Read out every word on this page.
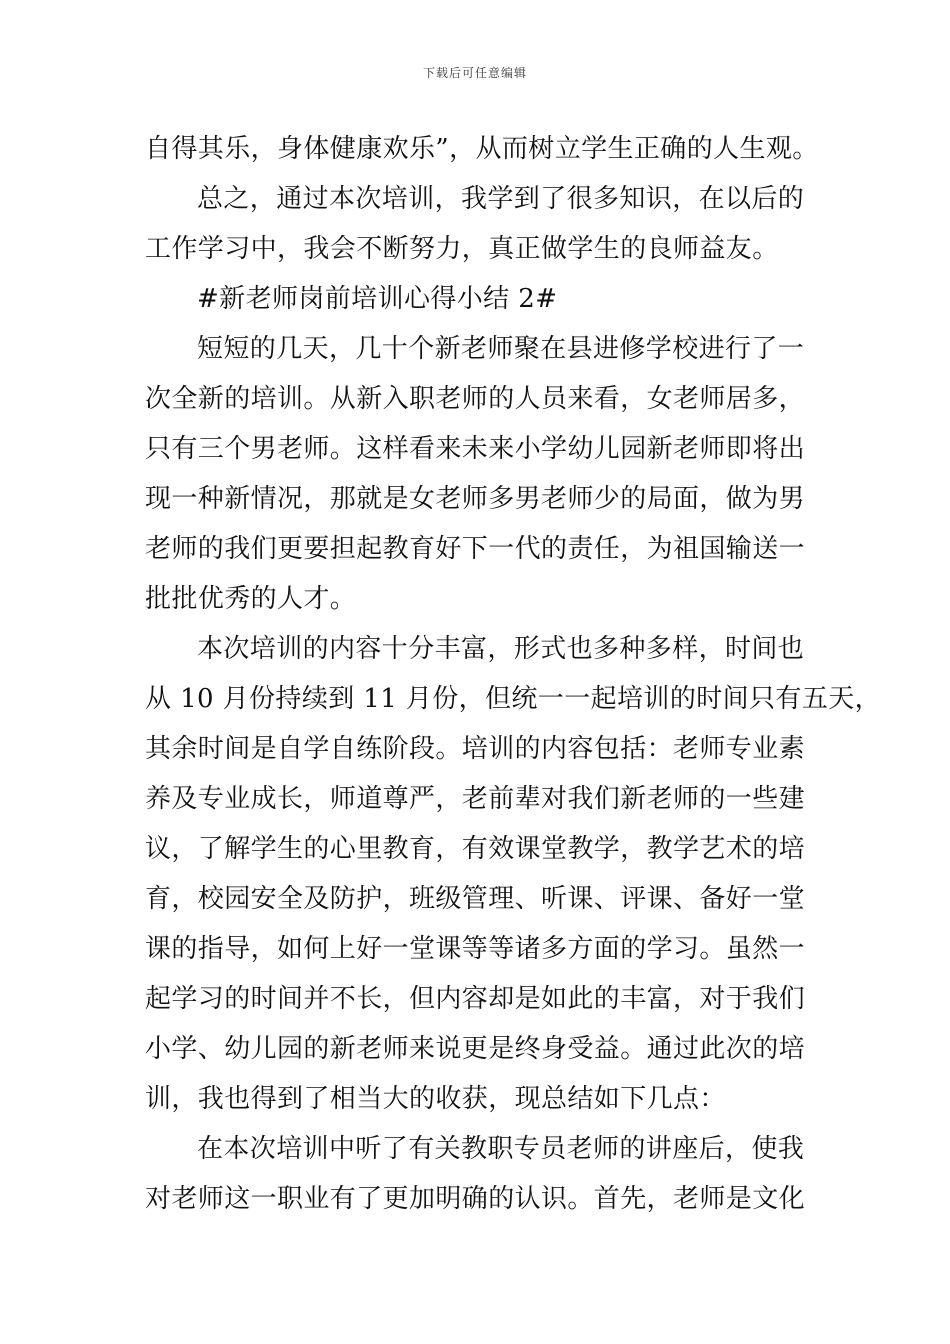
下载后可任意编辑
自得其乐，身体健康欢乐”，从而树立学生正确的人生观。
总之，通过本次培训，我学到了很多知识，在以后的
工作学习中，我会不断努力，真正做学生的良师益友。
#新老师岗前培训心得小结 2#
短短的几天，几十个新老师聚在县进修学校进行了一
次全新的培训。从新入职老师的人员来看，女老师居多，
只有三个男老师。这样看来未来小学幼儿园新老师即将出
现一种新情况，那就是女老师多男老师少的局面，做为男
老师的我们更要担起教育好下一代的责任，为祖国输送一
批批优秀的人才。
本次培训的内容十分丰富，形式也多种多样，时间也
从 10 月份持续到 11 月份，但统一一起培训的时间只有五天，
其余时间是自学自练阶段。培训的内容包括：老师专业素
养及专业成长，师道尊严，老前辈对我们新老师的一些建
议，了解学生的心里教育，有效课堂教学，教学艺术的培
育，校园安全及防护，班级管理、听课、评课、备好一堂
课的指导，如何上好一堂课等等诸多方面的学习。虽然一
起学习的时间并不长，但内容却是如此的丰富，对于我们
小学、幼儿园的新老师来说更是终身受益。通过此次的培
训，我也得到了相当大的收获，现总结如下几点：
在本次培训中听了有关教职专员老师的讲座后，使我
对老师这一职业有了更加明确的认识。首先，老师是文化
